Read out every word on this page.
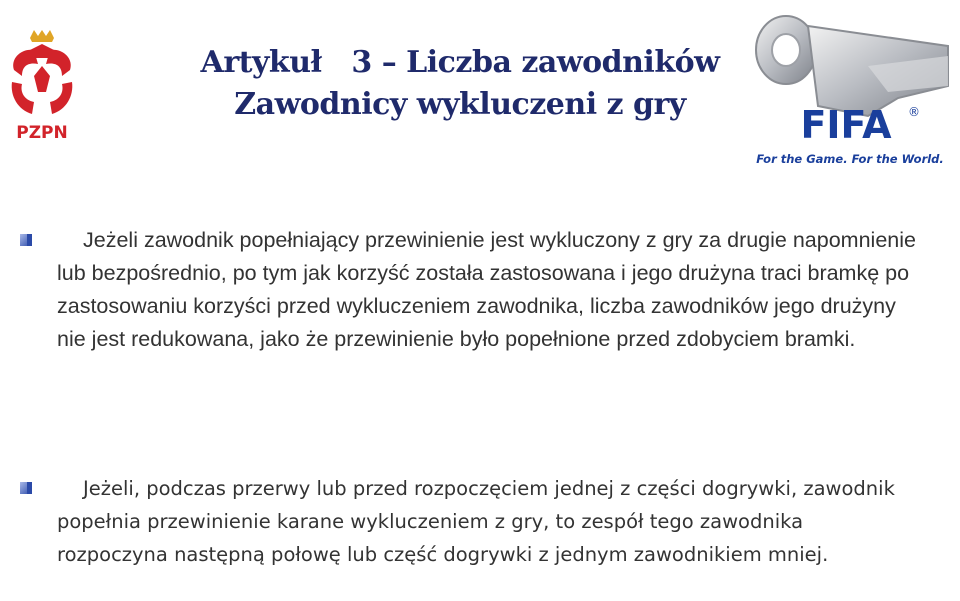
PZPN	FIFA ®
For the Game. For the World.
Artykuł 3 – Liczba zawodników
Zawodnicy wykluczeni z gry
Jeżeli zawodnik popełniający przewinienie jest wykluczony z gry za drugie napomnienie lub bezpośrednio, po tym jak korzyść została zastosowana i jego drużyna traci bramkę po zastosowaniu korzyści przed wykluczeniem zawodnika, liczba zawodników jego drużyny nie jest redukowana, jako że przewinienie było popełnione przed zdobyciem bramki.
Jeżeli, podczas przerwy lub przed rozpoczęciem jednej z części dogrywki, zawodnik popełnia przewinienie karane wykluczeniem z gry, to zespół tego zawodnika rozpoczyna następną połowę lub część dogrywki z jednym zawodnikiem mniej.
